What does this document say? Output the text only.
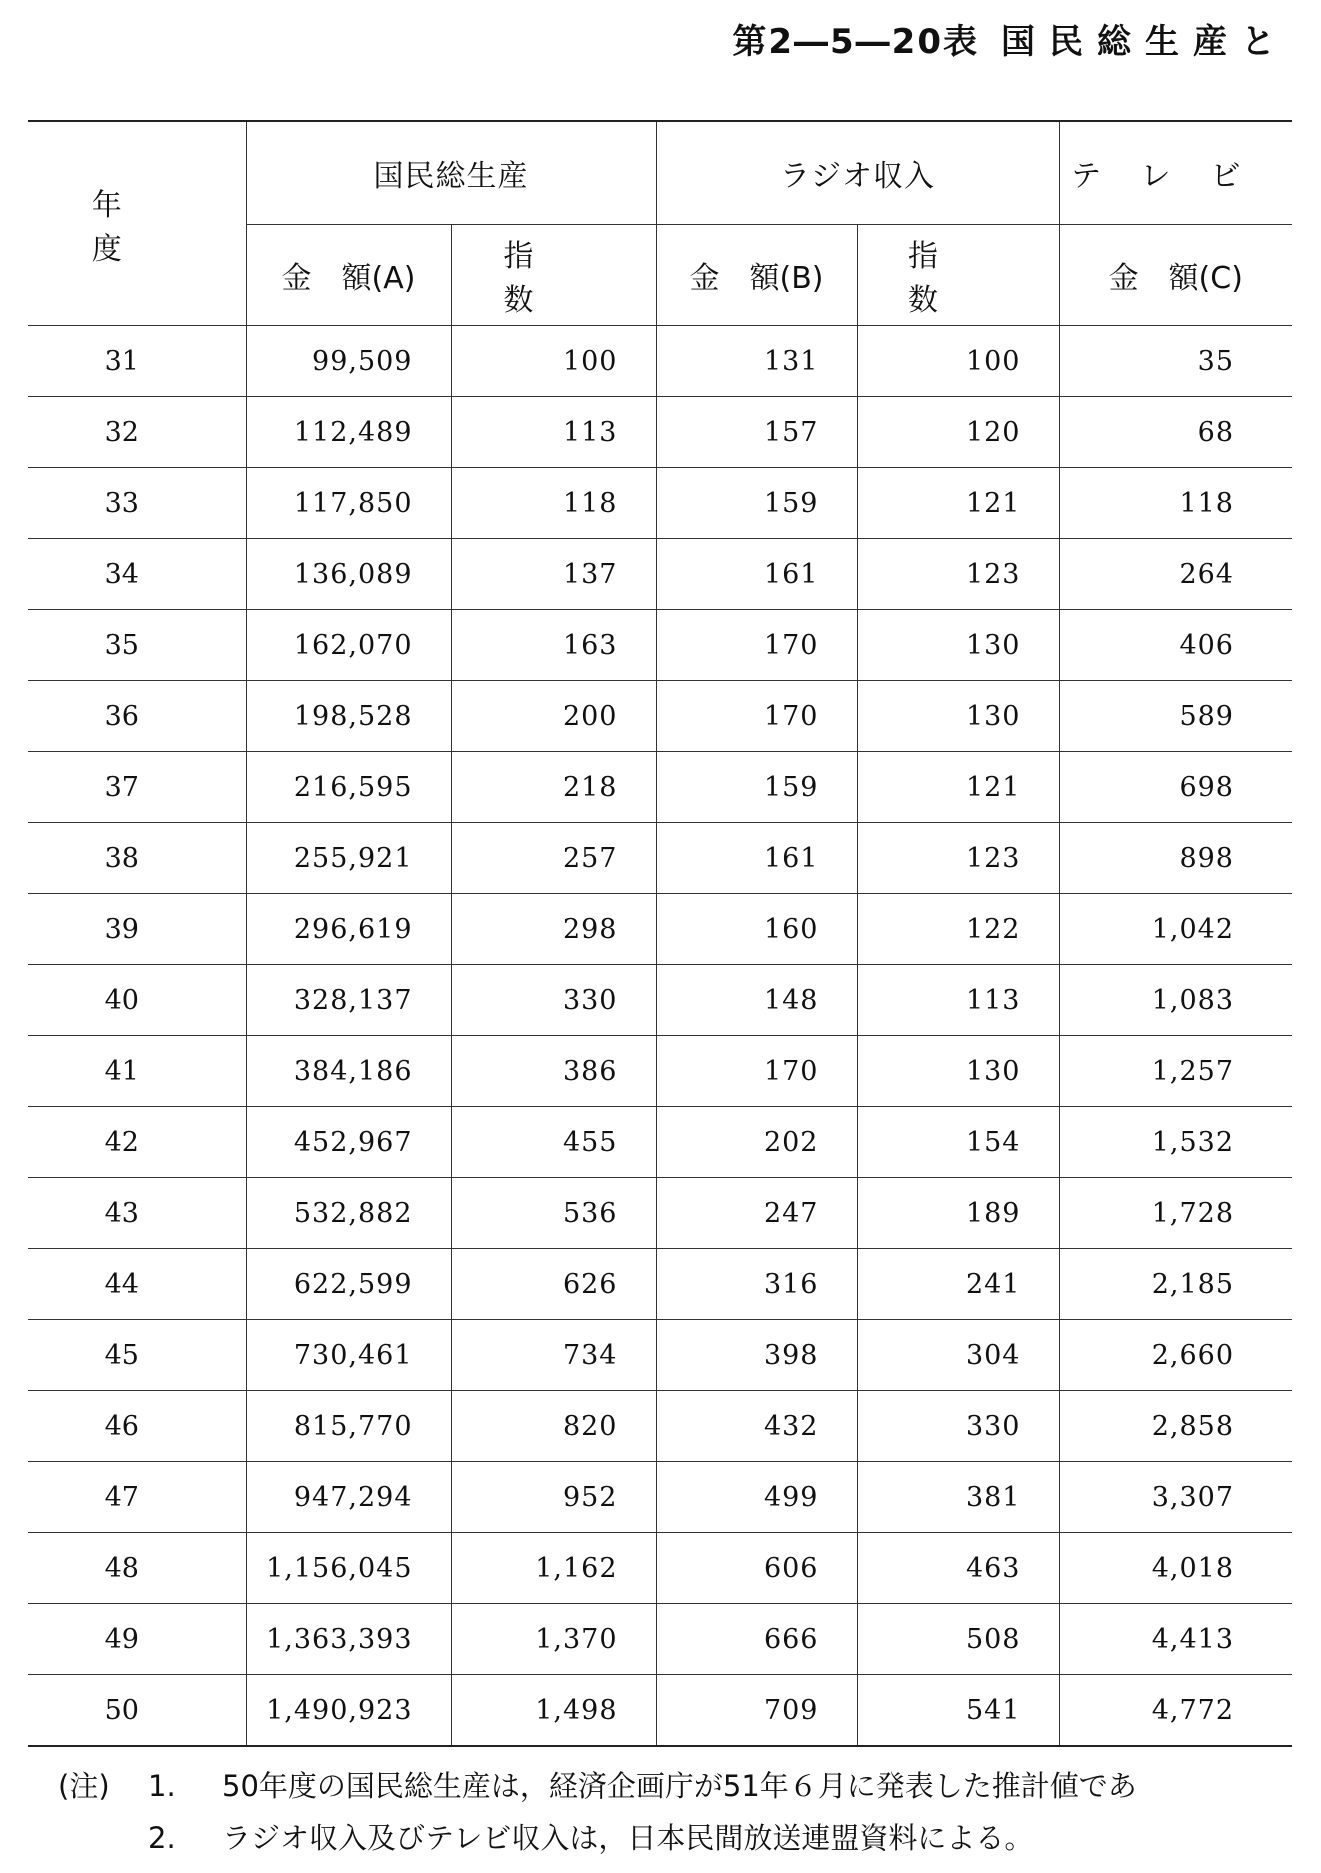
第2―5―20表 国民総生産と
年　度	国民総生産		ラジオ収入		テレビ
	金　額(A)	指　数	金　額(B)	指　数	金　額(C)
31	99,509	100	131	100	35
32	112,489	113	157	120	68
33	117,850	118	159	121	118
34	136,089	137	161	123	264
35	162,070	163	170	130	406
36	198,528	200	170	130	589
37	216,595	218	159	121	698
38	255,921	257	161	123	898
39	296,619	298	160	122	1,042
40	328,137	330	148	113	1,083
41	384,186	386	170	130	1,257
42	452,967	455	202	154	1,532
43	532,882	536	247	189	1,728
44	622,599	626	316	241	2,185
45	730,461	734	398	304	2,660
46	815,770	820	432	330	2,858
47	947,294	952	499	381	3,307
48	1,156,045	1,162	606	463	4,018
49	1,363,393	1,370	666	508	4,413
50	1,490,923	1,498	709	541	4,772
(注)	1.	50年度の国民総生産は，経済企画庁が51年６月に発表した推計値であ
2.	ラジオ収入及びテレビ収入は，日本民間放送連盟資料による。
